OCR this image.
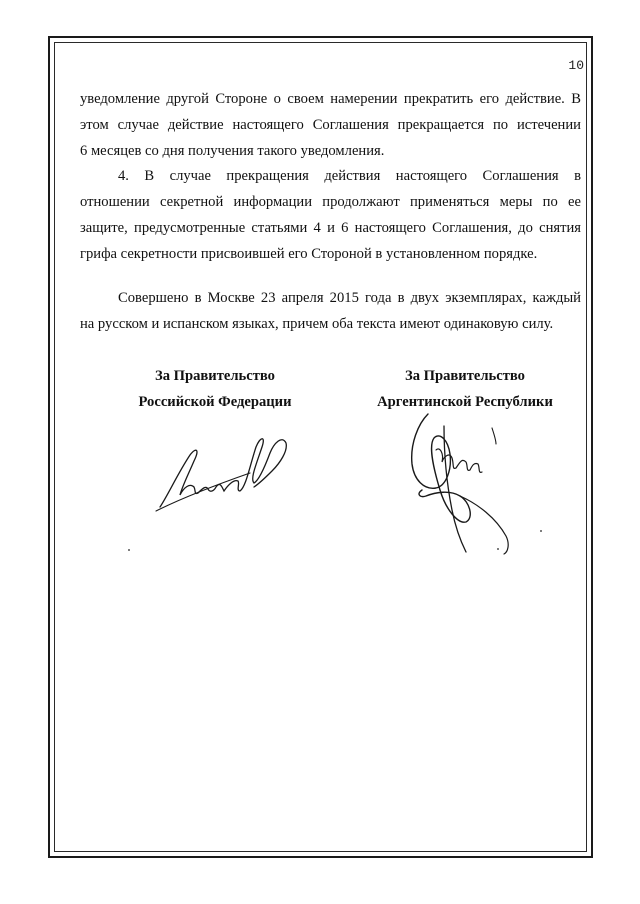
10
уведомление другой Стороне о своем намерении прекратить его действие. В
этом случае действие настоящего Соглашения прекращается по истечении
6 месяцев со дня получения такого уведомления.
4. В случае прекращения действия настоящего Соглашения в
отношении секретной информации продолжают применяться меры по ее
защите, предусмотренные статьями 4 и 6 настоящего Соглашения, до снятия
грифа секретности присвоившей его Стороной в установленном порядке.
Совершено в Москве 23 апреля 2015 года в двух экземплярах, каждый
на русском и испанском языках, причем оба текста имеют одинаковую силу.
За Правительство
Российской Федерации
За Правительство
Аргентинской Республики
